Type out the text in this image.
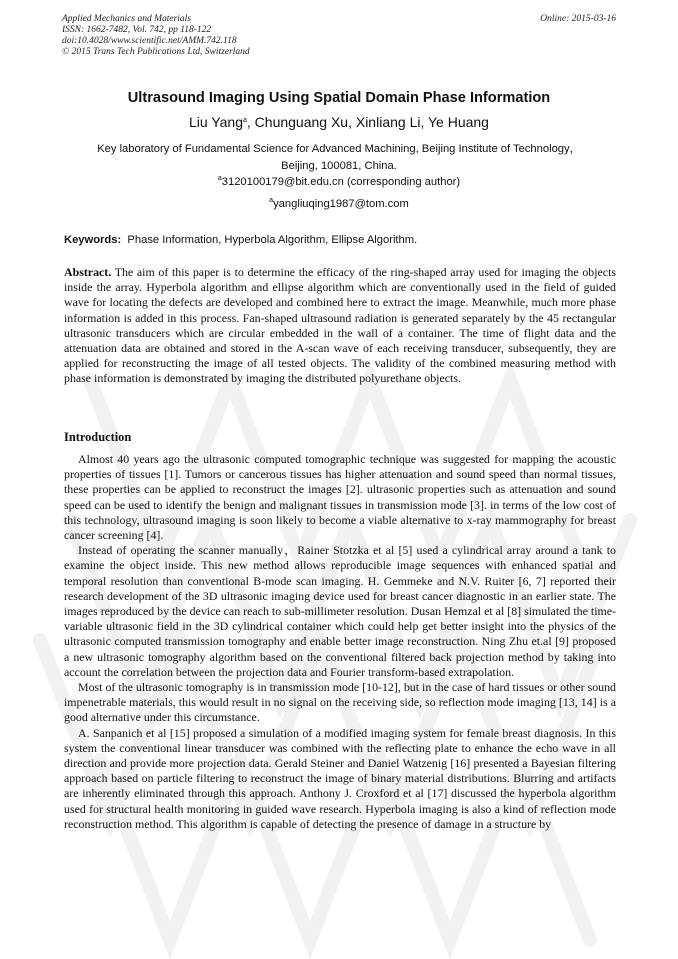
Applied Mechanics and Materials
ISSN: 1662-7482, Vol. 742, pp 118-122
doi:10.4028/www.scientific.net/AMM.742.118
© 2015 Trans Tech Publications Ltd, Switzerland
Online: 2015-03-16
Ultrasound Imaging Using Spatial Domain Phase Information
Liu Yang$^a$, Chunguang Xu, Xinliang Li, Ye Huang
Key laboratory of Fundamental Science for Advanced Machining, Beijing Institute of Technology，
Beijing, 100081, China.
$^a$3120100179@bit.edu.cn (corresponding author)
$^a$yangliuqing1987@tom.com
Keywords: Phase Information, Hyperbola Algorithm, Ellipse Algorithm.
Abstract. The aim of this paper is to determine the efficacy of the ring-shaped array used for imaging the objects inside the array. Hyperbola algorithm and ellipse algorithm which are conventionally used in the field of guided wave for locating the defects are developed and combined here to extract the image. Meanwhile, much more phase information is added in this process. Fan-shaped ultrasound radiation is generated separately by the 45 rectangular ultrasonic transducers which are circular embedded in the wall of a container. The time of flight data and the attenuation data are obtained and stored in the A-scan wave of each receiving transducer, subsequently, they are applied for reconstructing the image of all tested objects. The validity of the combined measuring method with phase information is demonstrated by imaging the distributed polyurethane objects.
Introduction

Almost 40 years ago the ultrasonic computed tomographic technique was suggested for mapping the acoustic properties of tissues [1]. Tumors or cancerous tissues has higher attenuation and sound speed than normal tissues, these properties can be applied to reconstruct the images [2]. ultrasonic properties such as attenuation and sound speed can be used to identify the benign and malignant tissues in transmission mode [3]. in terms of the low cost of this technology, ultrasound imaging is soon likely to become a viable alternative to x-ray mammography for breast cancer screening [4].

Instead of operating the scanner manually，Rainer Stotzka et al [5] used a cylindrical array around a tank to examine the object inside. This new method allows reproducible image sequences with enhanced spatial and temporal resolution than conventional B-mode scan imaging. H. Gemmeke and N.V. Ruiter [6, 7] reported their research development of the 3D ultrasonic imaging device used for breast cancer diagnostic in an earlier state. The images reproduced by the device can reach to sub-millimeter resolution. Dusan Hemzal et al [8] simulated the time-variable ultrasonic field in the 3D cylindrical container which could help get better insight into the physics of the ultrasonic computed transmission tomography and enable better image reconstruction. Ning Zhu et.al [9] proposed a new ultrasonic tomography algorithm based on the conventional filtered back projection method by taking into account the correlation between the projection data and Fourier transform-based extrapolation.

Most of the ultrasonic tomography is in transmission mode [10-12], but in the case of hard tissues or other sound impenetrable materials, this would result in no signal on the receiving side, so reflection mode imaging [13, 14] is a good alternative under this circumstance.

A. Sanpanich et al [15] proposed a simulation of a modified imaging system for female breast diagnosis. In this system the conventional linear transducer was combined with the reflecting plate to enhance the echo wave in all direction and provide more projection data. Gerald Steiner and Daniel Watzenig [16] presented a Bayesian filtering approach based on particle filtering to reconstruct the image of binary material distributions. Blurring and artifacts are inherently eliminated through this approach. Anthony J. Croxford et al [17] discussed the hyperbola algorithm used for structural health monitoring in guided wave research. Hyperbola imaging is also a kind of reflection mode reconstruction method. This algorithm is capable of detecting the presence of damage in a structure by
